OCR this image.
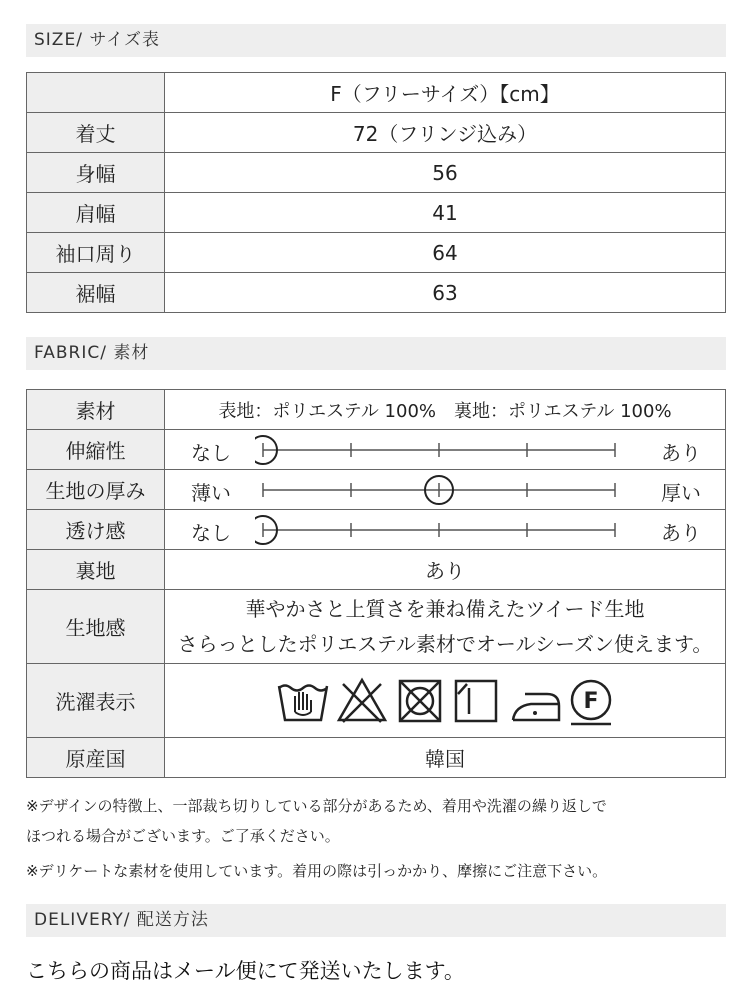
SIZE/ サイズ表
	F（フリーサイズ）【cm】
着丈	72（フリンジ込み）
身幅	56
肩幅	41
袖口周り	64
裾幅	63
FABRIC/ 素材
素材	表地：ポリエステル 100%　裏地：ポリエステル 100%
伸縮性	なし あり

生地の厚み	薄い 厚い

透け感	なし あり

裏地	あり
生地感	華やかさと上質さを兼ね備えたツイード生地
さらっとしたポリエステル素材でオールシーズン使えます。

洗濯表示	F

原産国	韓国
※デザインの特徴上、一部裁ち切りしている部分があるため、着用や洗濯の繰り返しで
ほつれる場合がございます。ご了承ください。
※デリケートな素材を使用しています。着用の際は引っかかり、摩擦にご注意下さい。
DELIVERY/ 配送方法
こちらの商品はメール便にて発送いたします。
